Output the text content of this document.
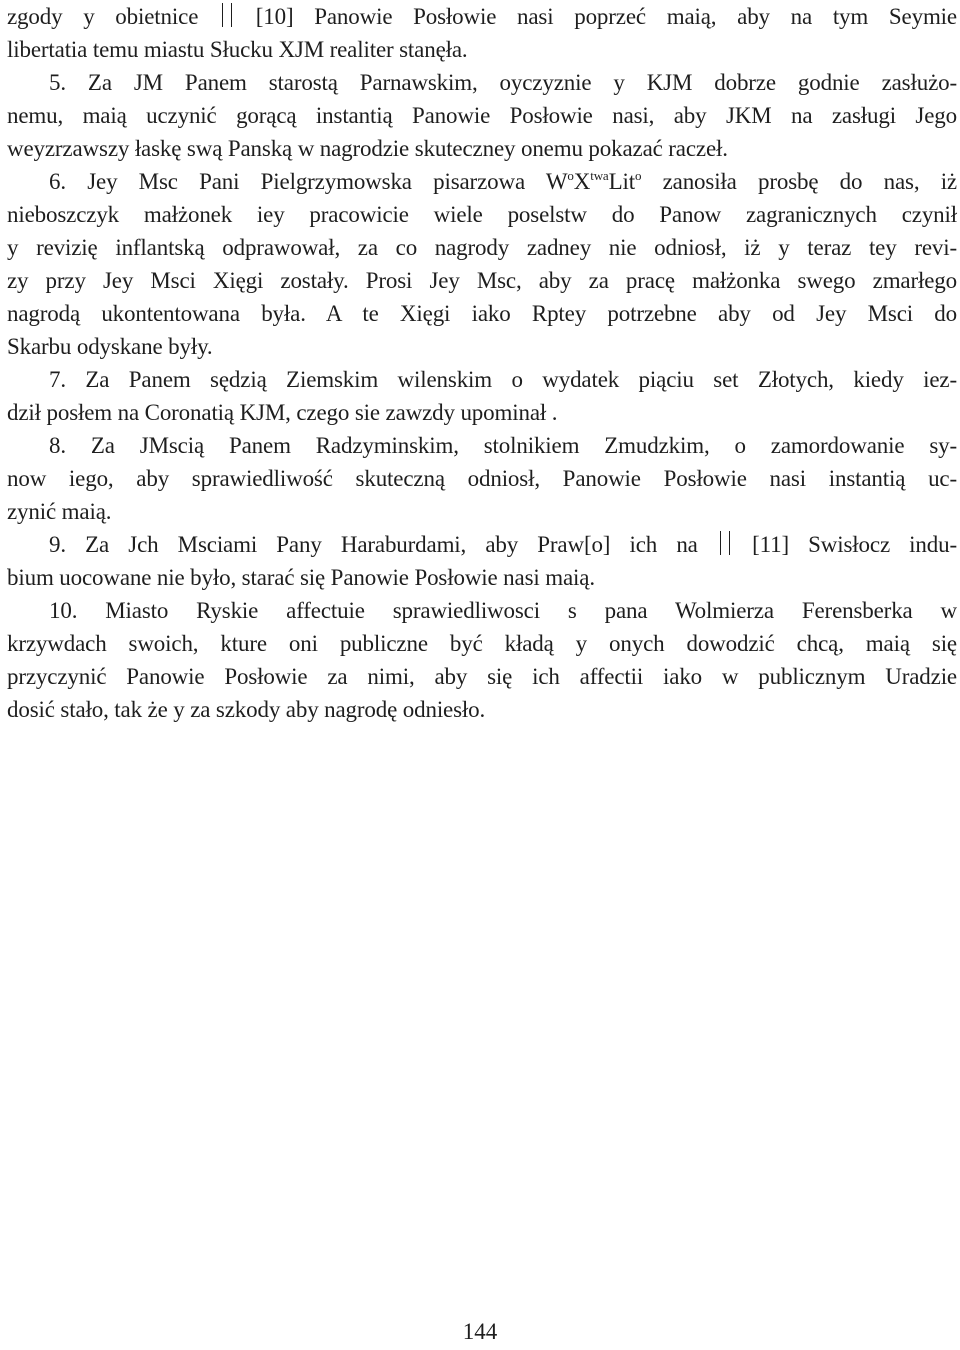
zgody y obietnice	[10] Panowie Posłowie nasi poprzeć maią, aby na tym Seymie
libertatia temu miastu Słucku XJM realiter stanęła.
5. Za JM Panem starostą Parnawskim, oyczyznie y KJM dobrze godnie zasłużo-
nemu, maią uczynić gorącą instantią Panowie Posłowie nasi, aby JKM na zasługi Jego
weyzrzawszy łaskę swą Panską w nagrodzie skuteczney onemu pokazać raczeł.
6. Jey Msc Pani Pielgrzymowska pisarzowa $W^oX^{twa}Lit^o$ zanosiła prosbę do nas, iż
nieboszczyk małżonek iey pracowicie wiele poselstw do Panow zagranicznych czynił
y revizię inflantską odprawował, za co nagrody zadney nie odniosł, iż y teraz tey revi-
zy przy Jey Msci Xięgi zostały. Prosi Jey Msc, aby za pracę małżonka swego zmarłego
nagrodą ukontentowana była. A te Xięgi iako Rptey potrzebne aby od Jey Msci do
Skarbu odyskane były.
7. Za Panem sędzią Ziemskim wilenskim o wydatek piąciu set Złotych, kiedy iez-
dził posłem na Coronatią KJM, czego sie zawzdy upominał .
8. Za JMscią Panem Radzyminskim, stolnikiem Zmudzkim, o zamordowanie sy-
now iego, aby sprawiedliwość skuteczną odniosł, Panowie Posłowie nasi instantią uc-
zynić maią.
9. Za Jch Msciami Pany Haraburdami, aby Praw[o] ich na [11] Swisłocz indu-
bium uocowane nie było, starać się Panowie Posłowie nasi maią.
10. Miasto Ryskie affectuie sprawiedliwosci s pana Wolmierza Ferensberka w
krzywdach swoich, kture oni publiczne być kładą y onych dowodzić chcą, maią się
przyczynić Panowie Posłowie za nimi, aby się ich affectii iako w publicznym Uradzie
dosić stało, tak że y za szkody aby nagrodę odniesło.
144
